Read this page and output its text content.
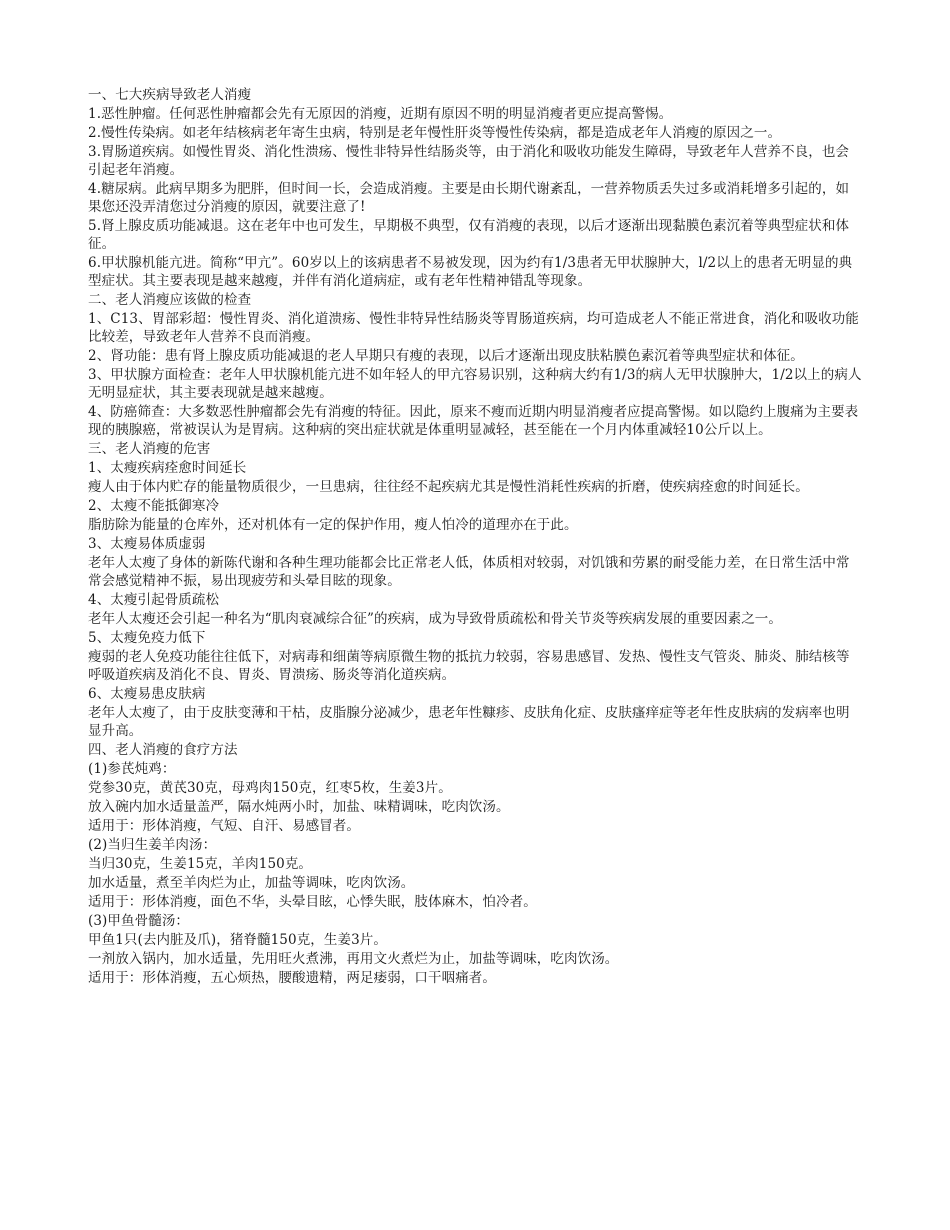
一、七大疾病导致老人消瘦
1.恶性肿瘤。任何恶性肿瘤都会先有无原因的消瘦，近期有原因不明的明显消瘦者更应提高警惕。
2.慢性传染病。如老年结核病老年寄生虫病，特别是老年慢性肝炎等慢性传染病，都是造成老年人消瘦的原因之一。
3.胃肠道疾病。如慢性胃炎、消化性溃疡、慢性非特异性结肠炎等，由于消化和吸收功能发生障碍，导致老年人营养不良，也会引起老年消瘦。
4.糖尿病。此病早期多为肥胖，但时间一长，会造成消瘦。主要是由长期代谢紊乱，一营养物质丢失过多或消耗增多引起的，如果您还没弄清您过分消瘦的原因，就要注意了!
5.肾上腺皮质功能减退。这在老年中也可发生，早期极不典型，仅有消瘦的表现，以后才逐渐出现黏膜色素沉着等典型症状和体征。
6.甲状腺机能亢进。简称“甲亢”。60岁以上的该病患者不易被发现，因为约有1/3患者无甲状腺肿大，l/2以上的患者无明显的典型症状。其主要表现是越来越瘦，并伴有消化道病症，或有老年性精神错乱等现象。
二、老人消瘦应该做的检查
1、C13、胃部彩超：慢性胃炎、消化道溃疡、慢性非特异性结肠炎等胃肠道疾病，均可造成老人不能正常进食，消化和吸收功能比较差，导致老年人营养不良而消瘦。
2、肾功能：患有肾上腺皮质功能减退的老人早期只有瘦的表现，以后才逐渐出现皮肤粘膜色素沉着等典型症状和体征。
3、甲状腺方面检查：老年人甲状腺机能亢进不如年轻人的甲亢容易识别，这种病大约有1/3的病人无甲状腺肿大，1/2以上的病人无明显症状，其主要表现就是越来越瘦。
4、防癌筛查：大多数恶性肿瘤都会先有消瘦的特征。因此，原来不瘦而近期内明显消瘦者应提高警惕。如以隐约上腹痛为主要表现的胰腺癌，常被误认为是胃病。这种病的突出症状就是体重明显减轻，甚至能在一个月内体重减轻10公斤以上。
三、老人消瘦的危害
1、太瘦疾病痊愈时间延长
瘦人由于体内贮存的能量物质很少，一旦患病，往往经不起疾病尤其是慢性消耗性疾病的折磨，使疾病痊愈的时间延长。
2、太瘦不能抵御寒冷
脂肪除为能量的仓库外，还对机体有一定的保护作用，瘦人怕冷的道理亦在于此。
3、太瘦易体质虚弱
老年人太瘦了身体的新陈代谢和各种生理功能都会比正常老人低，体质相对较弱，对饥饿和劳累的耐受能力差，在日常生活中常常会感觉精神不振，易出现疲劳和头晕目眩的现象。
4、太瘦引起骨质疏松
老年人太瘦还会引起一种名为“肌肉衰减综合征”的疾病，成为导致骨质疏松和骨关节炎等疾病发展的重要因素之一。
5、太瘦免疫力低下
瘦弱的老人免疫功能往往低下，对病毒和细菌等病原微生物的抵抗力较弱，容易患感冒、发热、慢性支气管炎、肺炎、肺结核等呼吸道疾病及消化不良、胃炎、胃溃疡、肠炎等消化道疾病。
6、太瘦易患皮肤病
老年人太瘦了，由于皮肤变薄和干枯，皮脂腺分泌减少，患老年性糠疹、皮肤角化症、皮肤瘙痒症等老年性皮肤病的发病率也明显升高。
四、老人消瘦的食疗方法
(1)参芪炖鸡：
党参30克，黄芪30克，母鸡肉150克，红枣5枚，生姜3片。
放入碗内加水适量盖严，隔水炖两小时，加盐、味精调味，吃肉饮汤。
适用于：形体消瘦，气短、自汗、易感冒者。
(2)当归生姜羊肉汤：
当归30克，生姜15克，羊肉150克。
加水适量，煮至羊肉烂为止，加盐等调味，吃肉饮汤。
适用于：形体消瘦，面色不华，头晕目眩，心悸失眠，肢体麻木，怕冷者。
(3)甲鱼骨髓汤：
甲鱼1只(去内脏及爪)，猪脊髓150克，生姜3片。
一剂放入锅内，加水适量，先用旺火煮沸，再用文火煮烂为止，加盐等调味，吃肉饮汤。
适用于：形体消瘦，五心烦热，腰酸遗精，两足痿弱，口干咽痛者。
